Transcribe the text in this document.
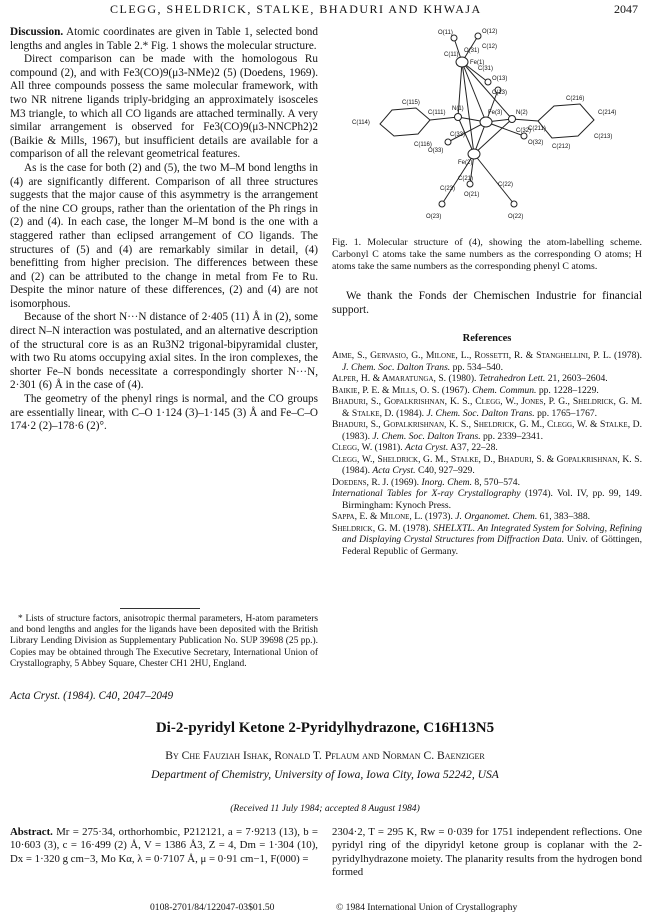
CLEGG, SHELDRICK, STALKE, BHADURI AND KHWAJA	2047

Discussion. Atomic coordinates are given in Table 1, selected bond lengths and angles in Table 2.* Fig. 1 shows the molecular structure.

Direct comparison can be made with the homologous Ru compound (2), and with Fe3(CO)9(μ3-NMe)2 (5) (Doedens, 1969). All three compounds possess the same molecular framework, with two NR nitrene ligands triply-bridging an approximately isosceles M3 triangle, to which all CO ligands are attached terminally. A very similar arrangement is observed for Fe3(CO)9(μ3-NNCPh2)2 (Baikie & Mills, 1967), but insufficient details are available for a comparison of all the relevant geometrical features.

As is the case for both (2) and (5), the two M–M bond lengths in (4) are significantly different. Comparison of all three structures suggests that the major cause of this asymmetry is the arrangement of the nine CO groups, rather than the orientation of the Ph rings in (2) and (4). In each case, the longer M–M bond is the one with a staggered rather than eclipsed arrangement of CO ligands. The structures of (5) and (4) are remarkably similar in detail, (4) benefitting from higher precision. The differences between these and (2) can be attributed to the change in metal from Fe to Ru. Despite the minor nature of these differences, (2) and (4) are not isomorphous.

Because of the short N···N distance of 2·405 (11) Å in (2), some direct N–N interaction was postulated, and an alternative description of the structural core is as an Ru3N2 trigonal-bipyramidal cluster, with two Ru atoms occupying axial sites. In the iron complexes, the shorter Fe–N bonds necessitate a correspondingly shorter N···N, 2·301 (6) Å in the case of (4).

The geometry of the phenyl rings is normal, and the CO groups are essentially linear, with C–O 1·124 (3)–1·145 (3) Å and Fe–C–O 174·2 (2)–178·6 (2)°.

* Lists of structure factors, anisotropic thermal parameters, H-atom parameters and bond lengths and angles for the ligands have been deposited with the British Library Lending Division as Supplementary Publication No. SUP 39698 (25 pp.). Copies may be obtained through The Executive Secretary, International Union of Crystallography, 5 Abbey Square, Chester CH1 2HU, England.

O(11)	O(12)
O(31)
C(31)
Fe(1)
C(11)
C(12)
O(13)
C(13)
C(111)
N(1)
Fe(3) N(2)
C(211)
C(216)
C(214)
C(212)
C(213)
C(115)
C(114)
C(116)
C(33)
Fe(2)
C(32)
O(33)
O(32)
C(21)
C(23)
C(22)
O(21)
O(23)	O(22)
Fig. 1. Molecular structure of (4), showing the atom-labelling scheme. Carbonyl C atoms take the same numbers as the corresponding O atoms; H atoms take the same numbers as the corresponding phenyl C atoms.
We thank the Fonds der Chemischen Industrie for financial support.
References
Aime, S., Gervasio, G., Milone, L., Rossetti, R. & Stanghellini, P. L. (1978). J. Chem. Soc. Dalton Trans. pp. 534–540.
Alper, H. & Amaratunga, S. (1980). Tetrahedron Lett. 21, 2603–2604.
Baikie, P. E. & Mills, O. S. (1967). Chem. Commun. pp. 1228–1229.
Bhaduri, S., Gopalkrishnan, K. S., Clegg, W., Jones, P. G., Sheldrick, G. M. & Stalke, D. (1984). J. Chem. Soc. Dalton Trans. pp. 1765–1767.
Bhaduri, S., Gopalkrishnan, K. S., Sheldrick, G. M., Clegg, W. & Stalke, D. (1983). J. Chem. Soc. Dalton Trans. pp. 2339–2341.
Clegg, W. (1981). Acta Cryst. A37, 22–28.
Clegg, W., Sheldrick, G. M., Stalke, D., Bhaduri, S. & Gopalkrishnan, K. S. (1984). Acta Cryst. C40, 927–929.
Doedens, R. J. (1969). Inorg. Chem. 8, 570–574.
International Tables for X-ray Crystallography (1974). Vol. IV, pp. 99, 149. Birmingham: Kynoch Press.
Sappa, E. & Milone, L. (1973). J. Organomet. Chem. 61, 383–388.
Sheldrick, G. M. (1978). SHELXTL. An Integrated System for Solving, Refining and Displaying Crystal Structures from Diffraction Data. Univ. of Göttingen, Federal Republic of Germany.
Acta Cryst. (1984). C40, 2047–2049
Di-2-pyridyl Ketone 2-Pyridylhydrazone, C16H13N5
By Che Fauziah Ishak, Ronald T. Pflaum and Norman C. Baenziger
Department of Chemistry, University of Iowa, Iowa City, Iowa 52242, USA
(Received 11 July 1984; accepted 8 August 1984)
Abstract. Mr = 275·34, orthorhombic, P212121, a = 7·9213 (13), b = 10·603 (3), c = 16·499 (2) Å, V = 1386 Å3, Z = 4, Dm = 1·304 (10), Dx = 1·320 g cm−3, Mo Kα, λ = 0·7107 Å, μ = 0·91 cm−1, F(000) =
2304·2, T = 295 K, Rw = 0·039 for 1751 independent reflections. One pyridyl ring of the dipyridyl ketone group is coplanar with the 2-pyridylhydrazone moiety. The planarity results from the hydrogen bond formed
0108-2701/84/122047-03$01.50	© 1984 International Union of Crystallography
